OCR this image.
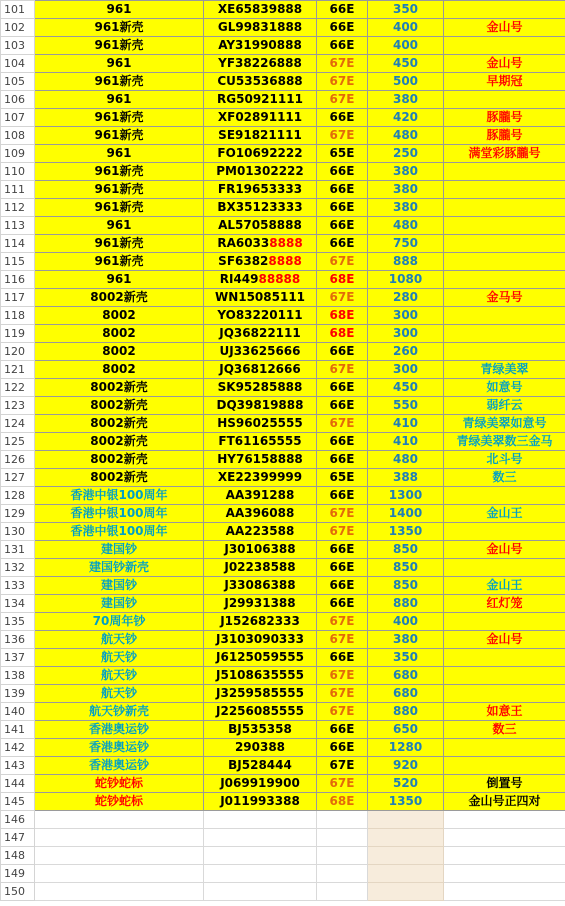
101	961	XE65839888	66E	350	
102	961新壳	GL99831888	66E	400	金山号
103	961新壳	AY31990888	66E	400	
104	961	YF38226888	67E	450	金山号
105	961新壳	CU53536888	67E	500	早期冠
106	961	RG50921111	67E	380	
107	961新壳	XF02891111	66E	420	豚朧号
108	961新壳	SE91821111	67E	480	豚朧号
109	961	FO10692222	65E	250	满堂彩豚朧号
110	961新壳	PM01302222	66E	380	
111	961新壳	FR19653333	66E	380	
112	961新壳	BX35123333	66E	380	
113	961	AL57058888	66E	480	
114	961新壳	RA60338888	66E	750	
115	961新壳	SF63828888	67E	888	
116	961	RI44988888	68E	1080	
117	8002新壳	WN15085111	67E	280	金马号
118	8002	YO83220111	68E	300	
119	8002	JQ36822111	68E	300	
120	8002	UJ33625666	66E	260	
121	8002	JQ36812666	67E	300	青绿美翠
122	8002新壳	SK95285888	66E	450	如意号
123	8002新壳	DQ39819888	66E	550	弱纤云
124	8002新壳	HS96025555	67E	410	青绿美翠如意号
125	8002新壳	FT61165555	66E	410	青绿美翠数三金马
126	8002新壳	HY76158888	66E	480	北斗号
127	8002新壳	XE22399999	65E	388	数三
128	香港中银100周年	AA391288	66E	1300	
129	香港中银100周年	AA396088	67E	1400	金山王
130	香港中银100周年	AA223588	67E	1350	
131	建国钞	J30106388	66E	850	金山号
132	建国钞新壳	J02238588	66E	850	
133	建国钞	J33086388	66E	850	金山王
134	建国钞	J29931388	66E	880	红灯笼
135	70周年钞	J152682333	67E	400	
136	航天钞	J3103090333	67E	380	金山号
137	航天钞	J6125059555	66E	350	
138	航天钞	J5108635555	67E	680	
139	航天钞	J3259585555	67E	680	
140	航天钞新壳	J2256085555	67E	880	如意王
141	香港奥运钞	BJ535358	66E	650	数三
142	香港奥运钞	290388	66E	1280	
143	香港奥运钞	BJ528444	67E	920	
144	蛇钞蛇标	J069919900	67E	520	倒置号
145	蛇钞蛇标	J011993388	68E	1350	金山号正四对
146					
147					
148					
149					
150					
